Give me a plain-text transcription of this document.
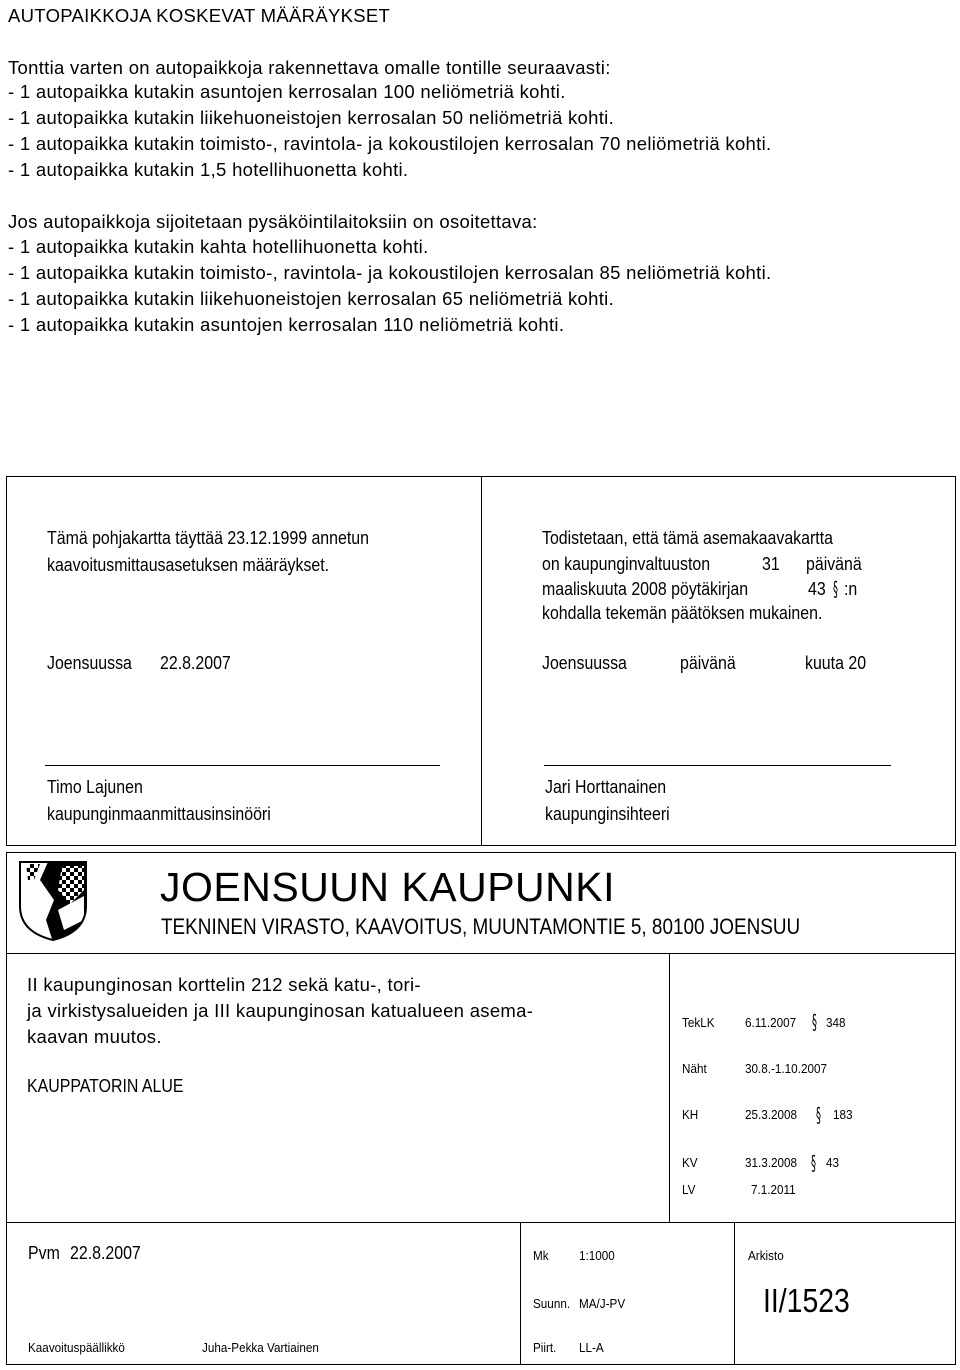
AUTOPAIKKOJA KOSKEVAT MÄÄRÄYKSET
Tonttia varten on autopaikkoja rakennettava omalle tontille seuraavasti:
- 1 autopaikka kutakin asuntojen kerrosalan 100 neliömetriä kohti.
- 1 autopaikka kutakin liikehuoneistojen kerrosalan 50 neliömetriä kohti.
- 1 autopaikka kutakin toimisto-, ravintola- ja kokoustilojen kerrosalan 70 neliömetriä kohti.
- 1 autopaikka kutakin 1,5 hotellihuonetta kohti.
Jos autopaikkoja sijoitetaan pysäköintilaitoksiin on osoitettava:
- 1 autopaikka kutakin kahta hotellihuonetta kohti.
- 1 autopaikka kutakin toimisto-, ravintola- ja kokoustilojen kerrosalan 85 neliömetriä kohti.
- 1 autopaikka kutakin liikehuoneistojen kerrosalan 65 neliömetriä kohti.
- 1 autopaikka kutakin asuntojen kerrosalan 110 neliömetriä kohti.
Tämä pohjakartta täyttää 23.12.1999 annetun
kaavoitusmittausasetuksen määräykset.
Joensuussa 22.8.2007
Timo Lajunen
kaupunginmaanmittausinsinööri
Todistetaan, että tämä asemakaavakartta
on kaupunginvaltuuston	31 päivänä
maaliskuuta 2008 pöytäkirjan	43 § :n
kohdalla tekemän päätöksen mukainen.
Joensuussa	päivänä	kuuta 20
Jari Horttanainen
kaupunginsihteeri
JOENSUUN KAUPUNKI
TEKNINEN VIRASTO, KAAVOITUS, MUUNTAMONTIE 5, 80100 JOENSUU
II kaupunginosan korttelin 212 sekä katu-, tori-
ja virkistysalueiden ja III kaupunginosan katualueen asema-
kaavan muutos.
KAUPPATORIN ALUE
TekLK 6.11.2007 § 348
Näht	30.8.-1.10.2007
KH	25.3.2008 § 183
KV	31.3.2008 § 43
LV	7.1.2011
Pvm 22.8.2007
Kaavoituspäällikkö	Juha-Pekka Vartiainen
Mk 1:1000
Suunn. MA/J-PV
Piirt. LL-A
Arkisto
II/1523
